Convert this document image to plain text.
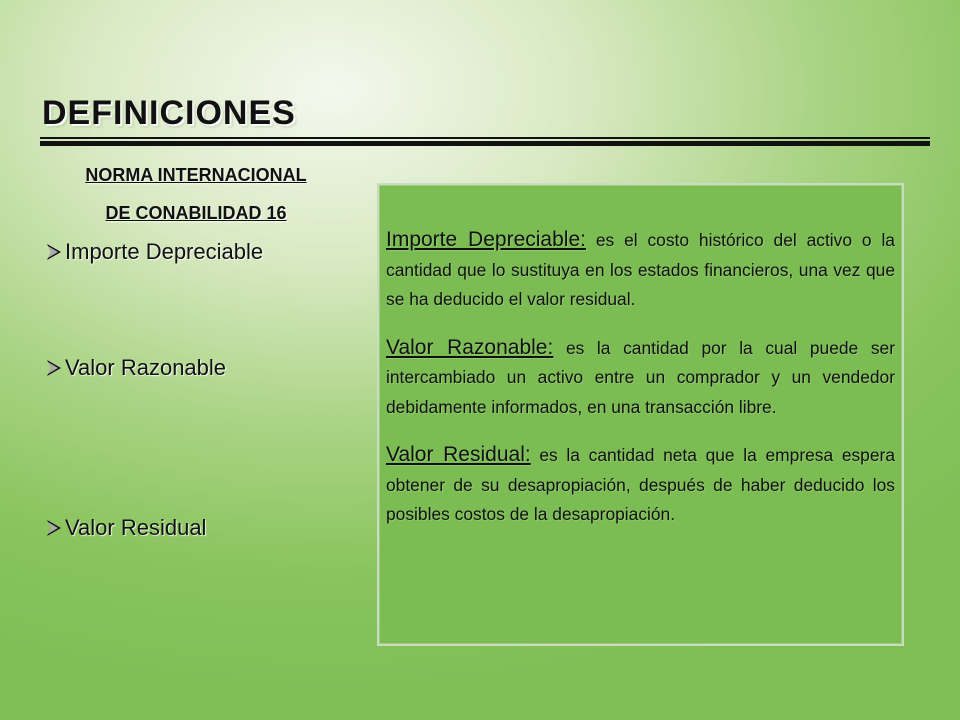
DEFINICIONES

NORMA INTERNACIONAL

DE CONABILIDAD 16

Importe Depreciable
Valor Razonable
Valor Residual

Importe Depreciable: es el costo histórico del activo o la cantidad que lo sustituya en los estados financieros, una vez que se ha deducido el valor residual.

Valor Razonable: es la cantidad por la cual puede ser intercambiado un activo entre un comprador y un vendedor debidamente informados, en una transacción libre.

Valor Residual: es la cantidad neta que la empresa espera obtener de su desapropiación, después de haber deducido los posibles costos de la desapropiación.
